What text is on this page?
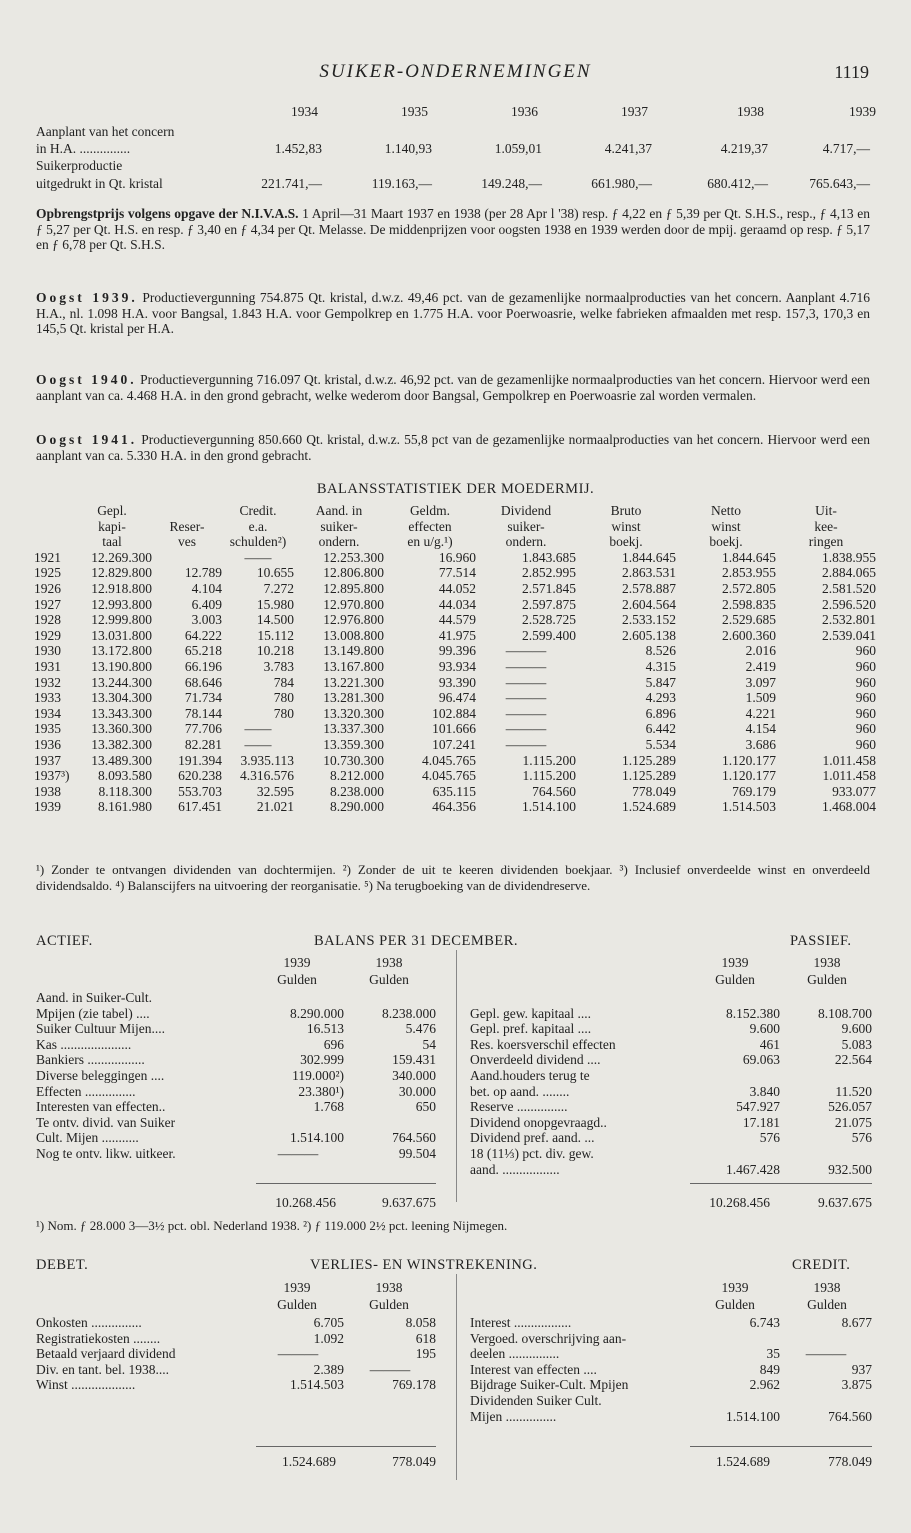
SUIKER-ONDERNEMINGEN	1119
1934	1935	1936	1937	1938	1939
Aanplant van het concern
in H.A. ...............	1.452,83	1.140,93	1.059,01	4.241,37	4.219,37	4.717,—
Suikerproductie
uitgedrukt in Qt. kristal	221.741,—	119.163,—	149.248,—	661.980,—	680.412,—	765.643,—
Opbrengstprijs volgens opgave der N.I.V.A.S. 1 April—31 Maart 1937 en 1938 (per 28 Apr l '38) resp. ƒ 4,22 en ƒ 5,39 per Qt. S.H.S., resp., ƒ 4,13 en ƒ 5,27 per Qt. H.S. en resp. ƒ 3,40 en ƒ 4,34 per Qt. Melasse. De middenprijzen voor oogsten 1938 en 1939 werden door de mpij. geraamd op resp. ƒ 5,17 en ƒ 6,78 per Qt. S.H.S.
Oogst 1939. Productievergunning 754.875 Qt. kristal, d.w.z. 49,46 pct. van de gezamenlijke normaalproducties van het concern. Aanplant 4.716 H.A., nl. 1.098 H.A. voor Bangsal, 1.843 H.A. voor Gempolkrep en 1.775 H.A. voor Poerwoasrie, welke fabrieken afmaalden met resp. 157,3, 170,3 en 145,5 Qt. kristal per H.A.
Oogst 1940. Productievergunning 716.097 Qt. kristal, d.w.z. 46,92 pct. van de gezamenlijke normaalproducties van het concern. Hiervoor werd een aanplant van ca. 4.468 H.A. in den grond gebracht, welke wederom door Bangsal, Gempolkrep en Poerwoasrie zal worden vermalen.
Oogst 1941. Productievergunning 850.660 Qt. kristal, d.w.z. 55,8 pct van de gezamenlijke normaalproducties van het concern. Hiervoor werd een aanplant van ca. 5.330 H.A. in den grond gebracht.
BALANSSTATISTIEK DER MOEDERMIJ.
	Gepl.		Credit.	Aand. in	Geldm.	Dividend	Bruto	Netto	Uit-
	kapi-	Reser-	e.a.	suiker-	effecten	suiker-	winst	winst	kee-
	taal	ves	schulden²)	ondern.	en u/g.¹)	ondern.	boekj.	boekj.	ringen
1921	12.269.300		——	12.253.300	16.960	1.843.685	1.844.645	1.844.645	1.838.955
1925	12.829.800	12.789	10.655	12.806.800	77.514	2.852.995	2.863.531	2.853.955	2.884.065
1926	12.918.800	4.104	7.272	12.895.800	44.052	2.571.845	2.578.887	2.572.805	2.581.520
1927	12.993.800	6.409	15.980	12.970.800	44.034	2.597.875	2.604.564	2.598.835	2.596.520
1928	12.999.800	3.003	14.500	12.976.800	44.579	2.528.725	2.533.152	2.529.685	2.532.801
1929	13.031.800	64.222	15.112	13.008.800	41.975	2.599.400	2.605.138	2.600.360	2.539.041
1930	13.172.800	65.218	10.218	13.149.800	99.396	———	8.526	2.016	960
1931	13.190.800	66.196	3.783	13.167.800	93.934	———	4.315	2.419	960
1932	13.244.300	68.646	784	13.221.300	93.390	———	5.847	3.097	960
1933	13.304.300	71.734	780	13.281.300	96.474	———	4.293	1.509	960
1934	13.343.300	78.144	780	13.320.300	102.884	———	6.896	4.221	960
1935	13.360.300	77.706	——	13.337.300	101.666	———	6.442	4.154	960
1936	13.382.300	82.281	——	13.359.300	107.241	———	5.534	3.686	960
1937	13.489.300	191.394	3.935.113	10.730.300	4.045.765	1.115.200	1.125.289	1.120.177	1.011.458
1937³)	8.093.580	620.238	4.316.576	8.212.000	4.045.765	1.115.200	1.125.289	1.120.177	1.011.458
1938	8.118.300	553.703	32.595	8.238.000	635.115	764.560	778.049	769.179	933.077
1939	8.161.980	617.451	21.021	8.290.000	464.356	1.514.100	1.524.689	1.514.503	1.468.004
¹) Zonder te ontvangen dividenden van dochtermijen. ²) Zonder de uit te keeren dividenden boekjaar. ³) Inclusief onverdeelde winst en onverdeeld dividendsaldo. ⁴) Balanscijfers na uitvoering der reorganisatie. ⁵) Na terugboeking van de dividendreserve.
ACTIEF.	BALANS PER 31 DECEMBER.	PASSIEF.
1939	1938
Gulden	Gulden
1939	1938
Gulden	Gulden
Aand. in Suiker-Cult.		
Mpijen (zie tabel) ....	8.290.000	8.238.000
Suiker Cultuur Mijen....	16.513	5.476
Kas .....................	696	54
Bankiers .................	302.999	159.431
Diverse beleggingen ....	119.000²)	340.000
Effecten ...............	23.380¹)	30.000
Interesten van effecten..	1.768	650
Te ontv. divid. van Suiker		
Cult. Mijen ...........	1.514.100	764.560
Nog te ontv. likw. uitkeer.	———	99.504

Gepl. gew. kapitaal ....	8.152.380	8.108.700
Gepl. pref. kapitaal ....	9.600	9.600
Res. koersverschil effecten	461	5.083
Onverdeeld dividend ....	69.063	22.564
Aand.houders terug te		
bet. op aand. ........	3.840	11.520
Reserve ...............	547.927	526.057
Dividend onopgevraagd..	17.181	21.075
Dividend pref. aand. ...	576	576
18 (11⅓) pct. div. gew.		
aand. .................	1.467.428	932.500
10.268.456	9.637.675	10.268.456	9.637.675
¹) Nom. ƒ 28.000 3—3½ pct. obl. Nederland 1938. ²) ƒ 119.000 2½ pct. leening Nijmegen.
DEBET.	VERLIES- EN WINSTREKENING.	CREDIT.
1939	1938
Gulden	Gulden
1939	1938
Gulden	Gulden
Onkosten ...............	6.705	8.058
Registratiekosten ........	1.092	618
Betaald verjaard dividend	———	195
Div. en tant. bel. 1938....	2.389	———
Winst ...................	1.514.503	769.178
Interest .................	6.743	8.677
Vergoed. overschrijving aan-		
deelen ...............	35	———
Interest van effecten ....	849	937
Bijdrage Suiker-Cult. Mpijen	2.962	3.875
Dividenden Suiker Cult.		
Mijen ...............	1.514.100	764.560
1.524.689	778.049	1.524.689	778.049
